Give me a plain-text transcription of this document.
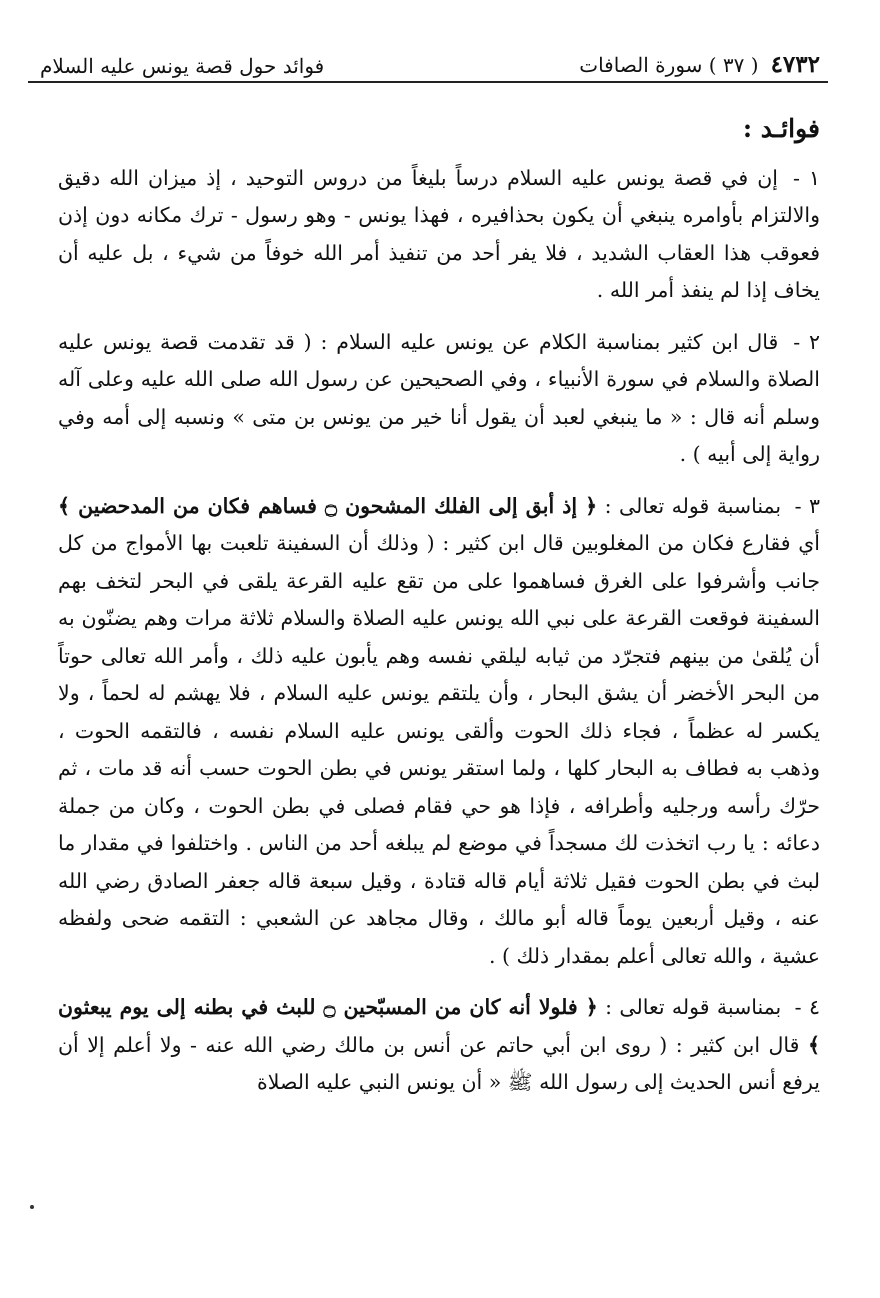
٤٧٣٢
( ٣٧ ) سورة الصافات
فوائد حول قصة يونس عليه السلام
فوائـد :

١ - إن في قصة يونس عليه السلام درساً بليغاً من دروس التوحيد ، إذ ميزان الله دقيق والالتزام بأوامره ينبغي أن يكون بحذافيره ، فهذا يونس - وهو رسول - ترك مكانه دون إذن فعوقب هذا العقاب الشديد ، فلا يفر أحد من تنفيذ أمر الله خوفاً من شيء ، بل عليه أن يخاف إذا لم ينفذ أمر الله .

٢ - قال ابن كثير بمناسبة الكلام عن يونس عليه السلام : ( قد تقدمت قصة يونس عليه الصلاة والسلام في سورة الأنبياء ، وفي الصحيحين عن رسول الله صلى الله عليه وعلى آله وسلم أنه قال : « ما ينبغي لعبد أن يقول أنا خير من يونس بن متى » ونسبه إلى أمه وفي رواية إلى أبيه ) .

٣ - بمناسبة قوله تعالى : ﴿ إذ أبق إلى الفلك المشحون ۝ فساهم فكان من المدحضين ﴾ أي فقارع فكان من المغلوبين قال ابن كثير : ( وذلك أن السفينة تلعبت بها الأمواج من كل جانب وأشرفوا على الغرق فساهموا على من تقع عليه القرعة يلقى في البحر لتخف بهم السفينة فوقعت القرعة على نبي الله يونس عليه الصلاة والسلام ثلاثة مرات وهم يضنّون به أن يُلقىٰ من بينهم فتجرّد من ثيابه ليلقي نفسه وهم يأبون عليه ذلك ، وأمر الله تعالى حوتاً من البحر الأخضر أن يشق البحار ، وأن يلتقم يونس عليه السلام ، فلا يهشم له لحماً ، ولا يكسر له عظماً ، فجاء ذلك الحوت وألقى يونس عليه السلام نفسه ، فالتقمه الحوت ، وذهب به فطاف به البحار كلها ، ولما استقر يونس في بطن الحوت حسب أنه قد مات ، ثم حرّك رأسه ورجليه وأطرافه ، فإذا هو حي فقام فصلى في بطن الحوت ، وكان من جملة دعائه : يا رب اتخذت لك مسجداً في موضع لم يبلغه أحد من الناس . واختلفوا في مقدار ما لبث في بطن الحوت فقيل ثلاثة أيام قاله قتادة ، وقيل سبعة قاله جعفر الصادق رضي الله عنه ، وقيل أربعين يوماً قاله أبو مالك ، وقال مجاهد عن الشعبي : التقمه ضحى ولفظه عشية ، والله تعالى أعلم بمقدار ذلك ) .

٤ - بمناسبة قوله تعالى : ﴿ فلولا أنه كان من المسبّحين ۝ للبث في بطنه إلى يوم يبعثون ﴾ قال ابن كثير : ( روى ابن أبي حاتم عن أنس بن مالك رضي الله عنه - ولا أعلم إلا أن يرفع أنس الحديث إلى رسول الله ﷺ « أن يونس النبي عليه الصلاة
